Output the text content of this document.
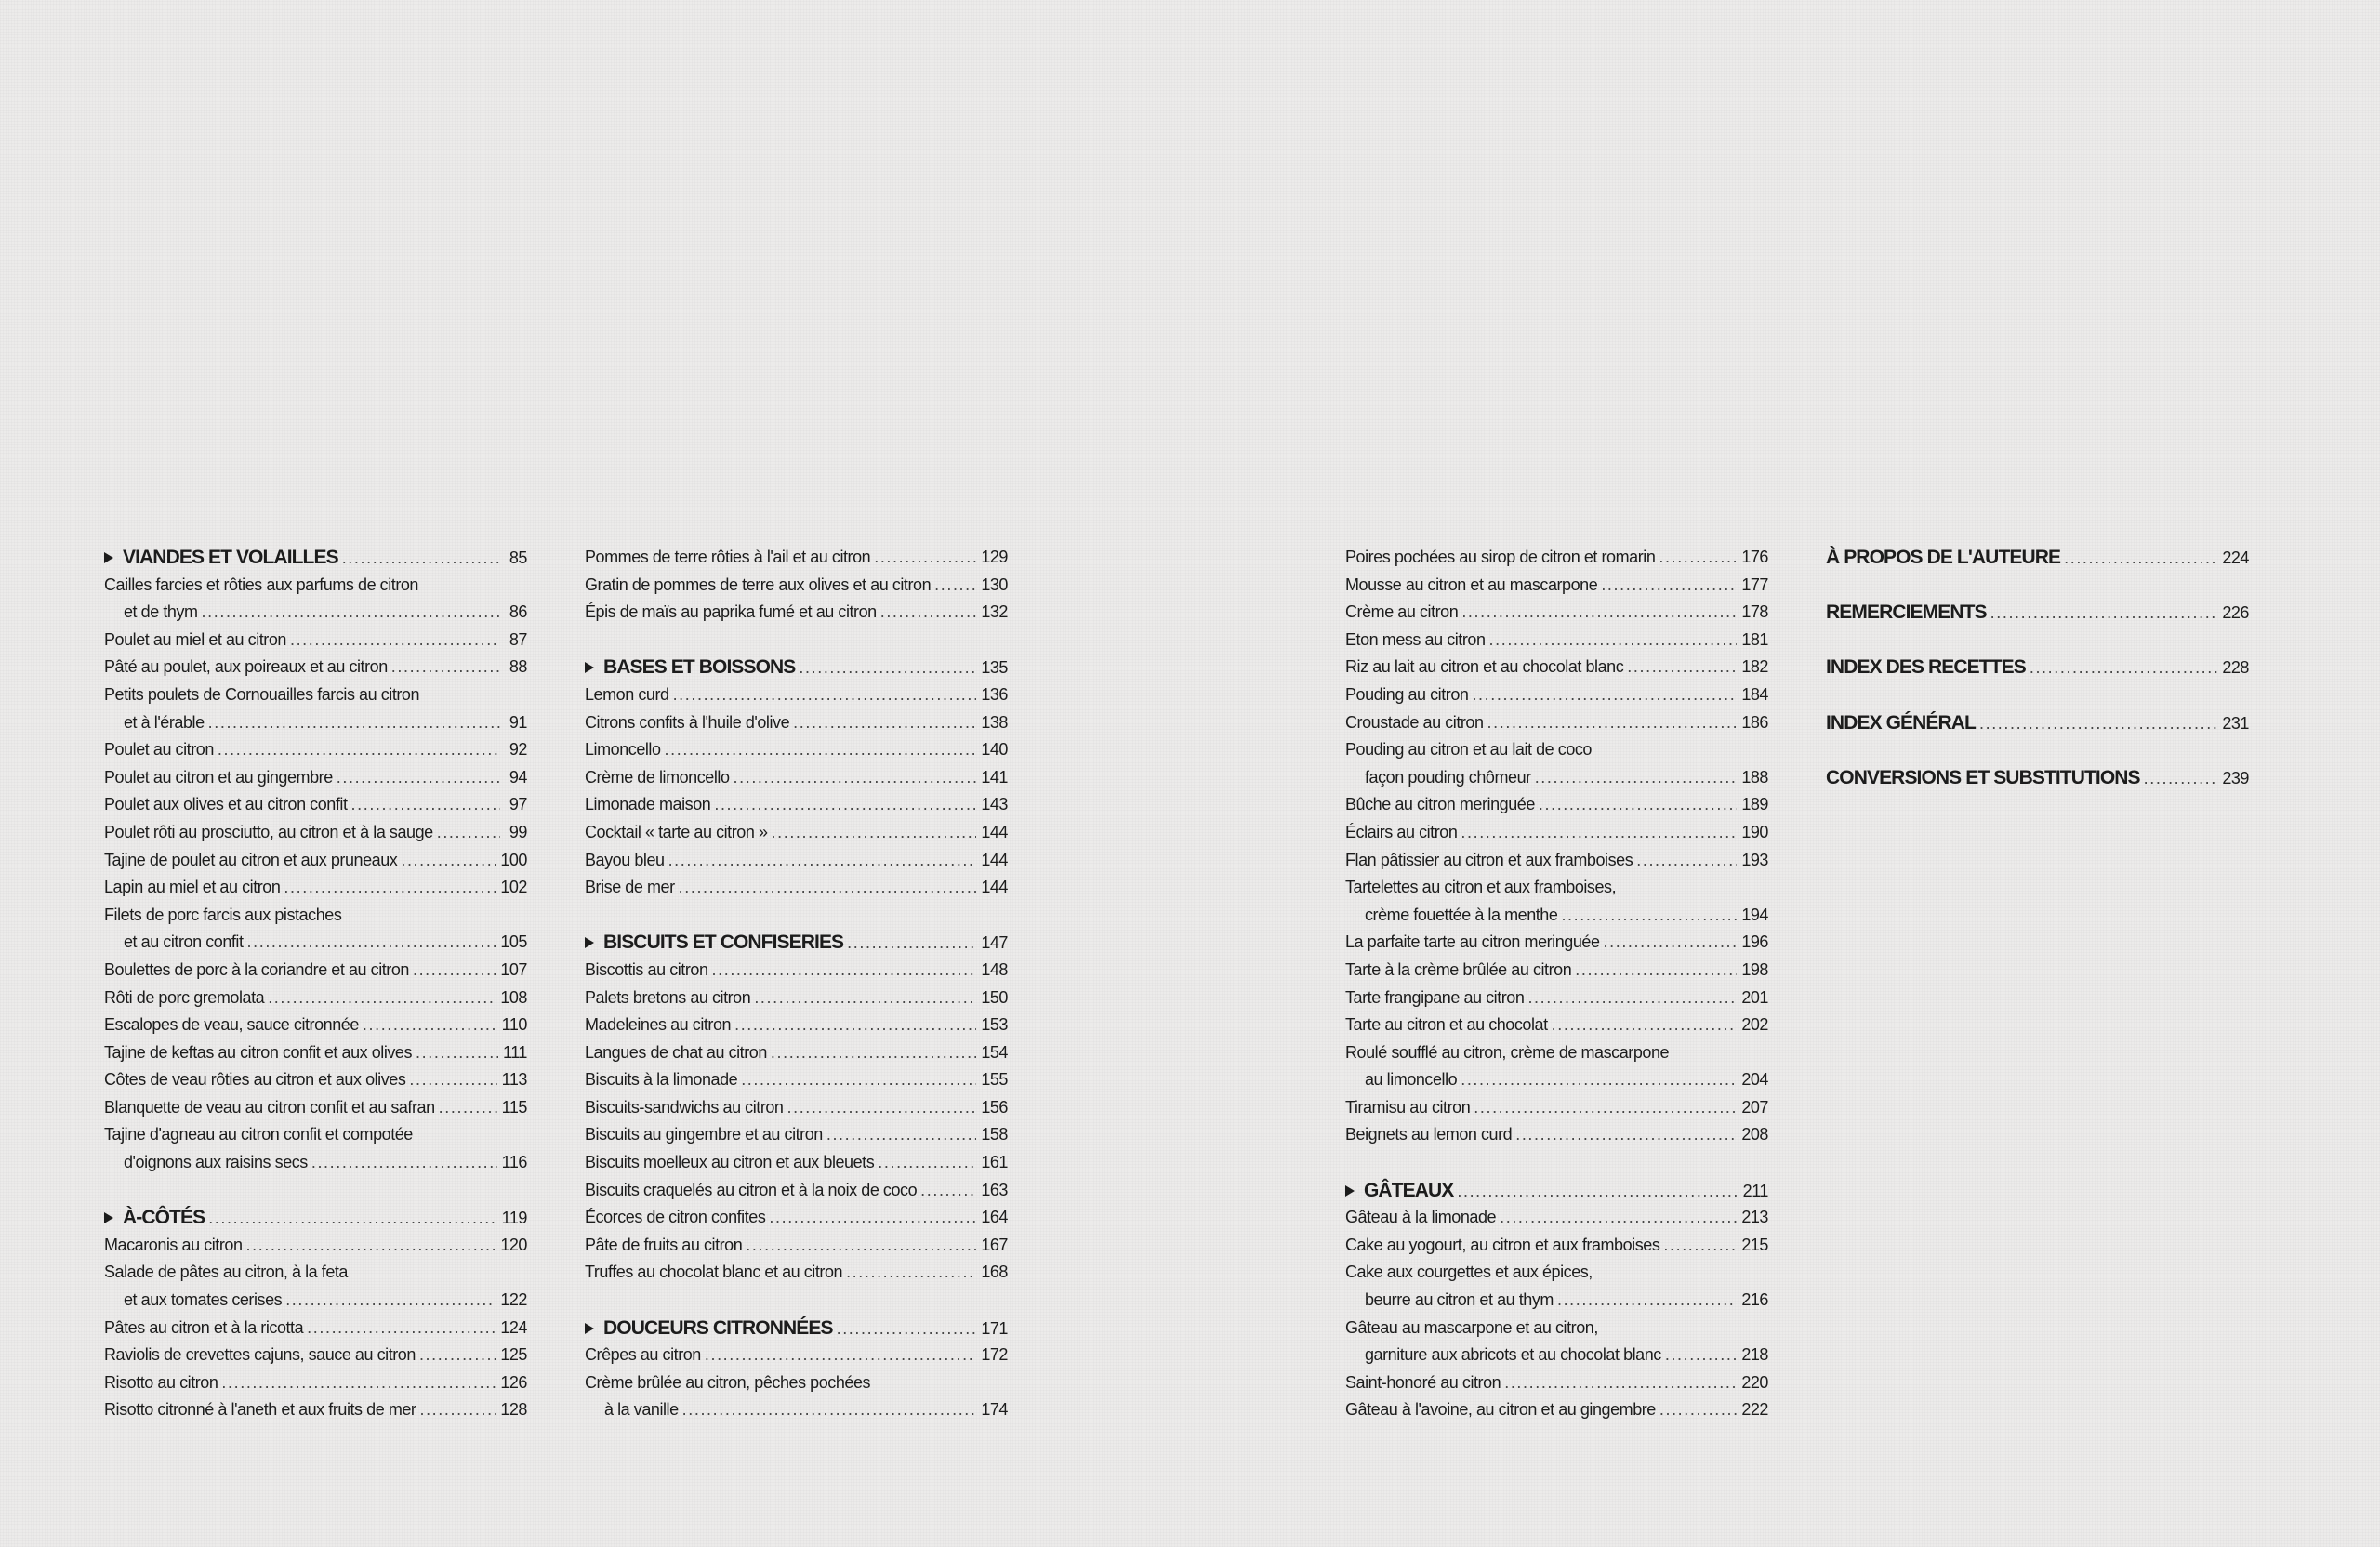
VIANDES ET VOLAILLES .....	85
Cailles farcies et rôties aux parfums de citron
et de thym .....	86
Poulet au miel et au citron .....	87
Pâté au poulet, aux poireaux et au citron .....	88
Petits poulets de Cornouailles farcis au citron
et à l'érable .....	91
Poulet au citron .....	92
Poulet au citron et au gingembre .....	94
Poulet aux olives et au citron confit .....	97
Poulet rôti au prosciutto, au citron et à la sauge .....	99
Tajine de poulet au citron et aux pruneaux .....	100
Lapin au miel et au citron .....	102
Filets de porc farcis aux pistaches
et au citron confit .....	105
Boulettes de porc à la coriandre et au citron .....	107
Rôti de porc gremolata .....	108
Escalopes de veau, sauce citronnée .....	110
Tajine de keftas au citron confit et aux olives .....	111
Côtes de veau rôties au citron et aux olives .....	113
Blanquette de veau au citron confit et au safran .....	115
Tajine d'agneau au citron confit et compotée
d'oignons aux raisins secs .....	116
À-CÔTÉS .....	119
Macaronis au citron .....	120
Salade de pâtes au citron, à la feta
et aux tomates cerises .....	122
Pâtes au citron et à la ricotta .....	124
Raviolis de crevettes cajuns, sauce au citron .....	125
Risotto au citron .....	126
Risotto citronné à l'aneth et aux fruits de mer .....	128
Pommes de terre rôties à l'ail et au citron .....	129
Gratin de pommes de terre aux olives et au citron .....	130
Épis de maïs au paprika fumé et au citron .....	132
BASES ET BOISSONS .....	135
Lemon curd .....	136
Citrons confits à l'huile d'olive .....	138
Limoncello .....	140
Crème de limoncello .....	141
Limonade maison .....	143
Cocktail « tarte au citron » .....	144
Bayou bleu .....	144
Brise de mer .....	144
BISCUITS ET CONFISERIES .....	147
Biscottis au citron .....	148
Palets bretons au citron .....	150
Madeleines au citron .....	153
Langues de chat au citron .....	154
Biscuits à la limonade .....	155
Biscuits-sandwichs au citron .....	156
Biscuits au gingembre et au citron .....	158
Biscuits moelleux au citron et aux bleuets .....	161
Biscuits craquelés au citron et à la noix de coco .....	163
Écorces de citron confites .....	164
Pâte de fruits au citron .....	167
Truffes au chocolat blanc et au citron .....	168
DOUCEURS CITRONNÉES .....	171
Crêpes au citron .....	172
Crème brûlée au citron, pêches pochées
à la vanille .....	174
Poires pochées au sirop de citron et romarin .....	176
Mousse au citron et au mascarpone .....	177
Crème au citron .....	178
Eton mess au citron .....	181
Riz au lait au citron et au chocolat blanc .....	182
Pouding au citron .....	184
Croustade au citron .....	186
Pouding au citron et au lait de coco
façon pouding chômeur .....	188
Bûche au citron meringuée .....	189
Éclairs au citron .....	190
Flan pâtissier au citron et aux framboises .....	193
Tartelettes au citron et aux framboises,
crème fouettée à la menthe .....	194
La parfaite tarte au citron meringuée .....	196
Tarte à la crème brûlée au citron .....	198
Tarte frangipane au citron .....	201
Tarte au citron et au chocolat .....	202
Roulé soufflé au citron, crème de mascarpone
au limoncello .....	204
Tiramisu au citron .....	207
Beignets au lemon curd .....	208
GÂTEAUX .....	211
Gâteau à la limonade .....	213
Cake au yogourt, au citron et aux framboises .....	215
Cake aux courgettes et aux épices,
beurre au citron et au thym .....	216
Gâteau au mascarpone et au citron,
garniture aux abricots et au chocolat blanc .....	218
Saint-honoré au citron .....	220
Gâteau à l'avoine, au citron et au gingembre .....	222
À PROPOS DE L'AUTEURE .....	224
REMERCIEMENTS .....	226
INDEX DES RECETTES .....	228
INDEX GÉNÉRAL .....	231
CONVERSIONS ET SUBSTITUTIONS .....	239
